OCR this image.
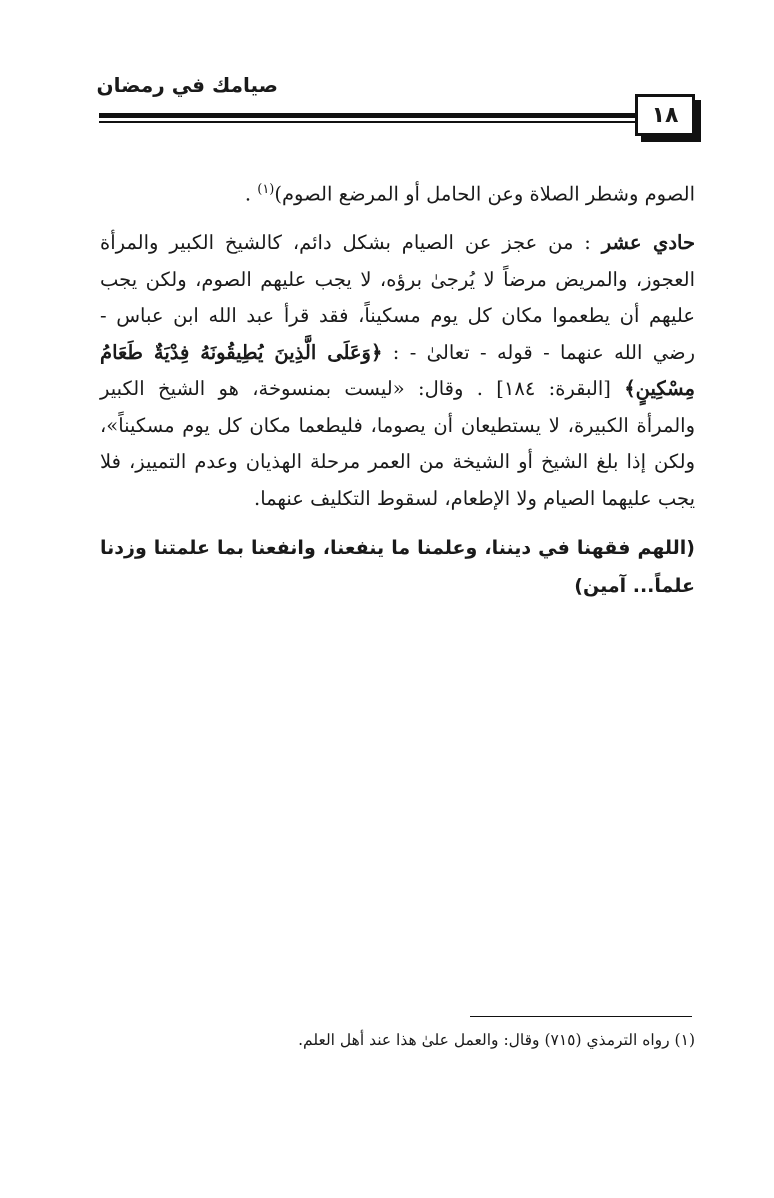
صيامك في رمضان
١٨

الصوم وشطر الصلاة وعن الحامل أو المرضع الصوم)$^{(١)}$ .

حادي عشر : من عجز عن الصيام بشكل دائم، كالشيخ الكبير والمرأة العجوز، والمريض مرضاً لا يُرجىٰ برؤه، لا يجب عليهم الصوم، ولكن يجب عليهم أن يطعموا مكان كل يوم مسكيناً، فقد قرأ عبد الله ابن عباس - رضي الله عنهما - قوله - تعالىٰ - : ﴿وَعَلَى الَّذِينَ يُطِيقُونَهُ فِدْيَةٌ طَعَامُ مِسْكِينٍ﴾ [البقرة: ١٨٤] . وقال: «ليست بمنسوخة، هو الشيخ الكبير والمرأة الكبيرة، لا يستطيعان أن يصوما، فليطعما مكان كل يوم مسكيناً»، ولكن إذا بلغ الشيخ أو الشيخة من العمر مرحلة الهذيان وعدم التمييز، فلا يجب عليهما الصيام ولا الإطعام، لسقوط التكليف عنهما.

(اللهم فقهنا في ديننا، وعلمنا ما ينفعنا، وانفعنا بما علمتنا وزدنا علماً... آمين)

(١) رواه الترمذي (٧١٥) وقال: والعمل علىٰ هذا عند أهل العلم.
